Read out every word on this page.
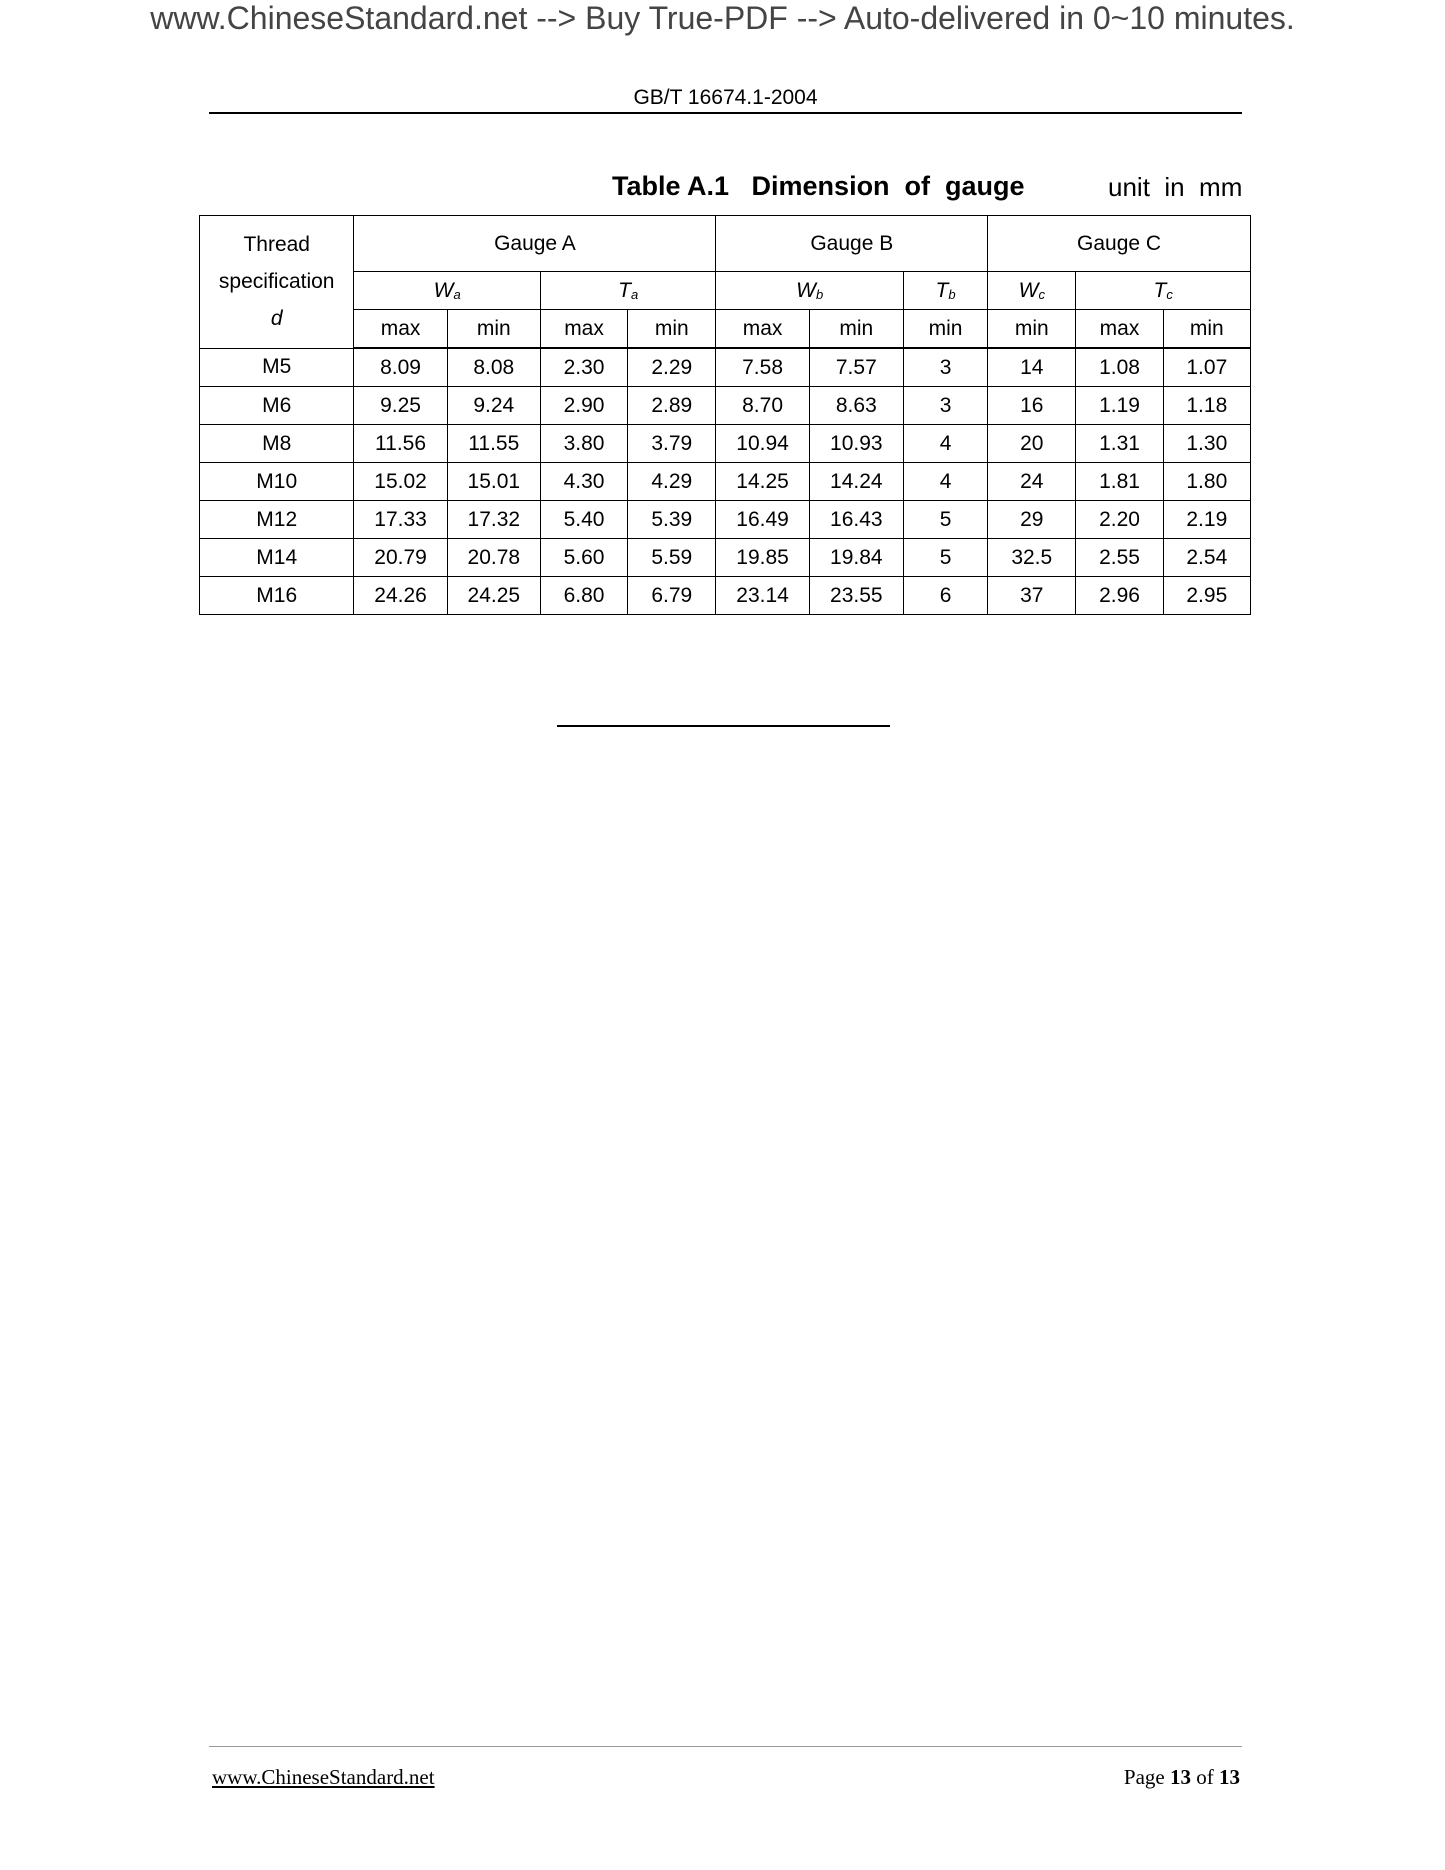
www.ChineseStandard.net --> Buy True-PDF --> Auto-delivered in 0~10 minutes.
GB/T 16674.1-2004
Table A.1   Dimension  of  gauge	unit  in  mm
Thread
specification
d	Gauge A				Gauge B			Gauge C		
	$W_a$		$T_a$		$W_b$		$T_b$	$W_c$	$T_c$
	max	min	max	min	max	min	min	min	max	min
M5	8.09	8.08	2.30	2.29	7.58	7.57	3	14	1.08	1.07
M6	9.25	9.24	2.90	2.89	8.70	8.63	3	16	1.19	1.18
M8	11.56	11.55	3.80	3.79	10.94	10.93	4	20	1.31	1.30
M10	15.02	15.01	4.30	4.29	14.25	14.24	4	24	1.81	1.80
M12	17.33	17.32	5.40	5.39	16.49	16.43	5	29	2.20	2.19
M14	20.79	20.78	5.60	5.59	19.85	19.84	5	32.5	2.55	2.54
M16	24.26	24.25	6.80	6.79	23.14	23.55	6	37	2.96	2.95
www.ChineseStandard.net	Page 13 of 13
